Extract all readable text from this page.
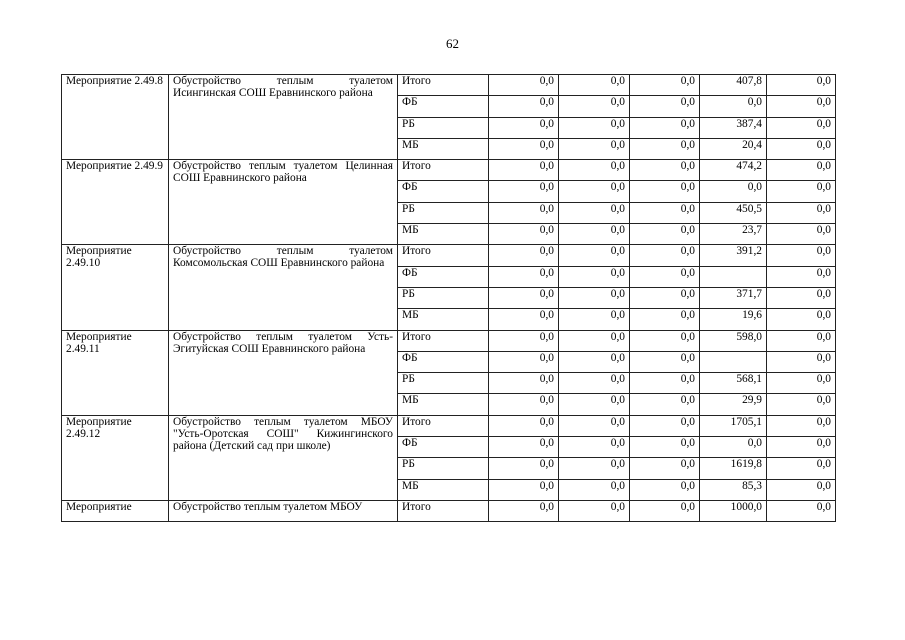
62
Мероприятие 2.49.8	Обустройство теплым туалетом Исингинская СОШ Еравнинского района	Итого	0,0	0,0	0,0	407,8	0,0
		ФБ	0,0	0,0	0,0	0,0	0,0
		РБ	0,0	0,0	0,0	387,4	0,0
		МБ	0,0	0,0	0,0	20,4	0,0
Мероприятие 2.49.9	Обустройство теплым туалетом Целинная СОШ Еравнинского района	Итого	0,0	0,0	0,0	474,2	0,0
		ФБ	0,0	0,0	0,0	0,0	0,0
		РБ	0,0	0,0	0,0	450,5	0,0
		МБ	0,0	0,0	0,0	23,7	0,0
Мероприятие 2.49.10	Обустройство теплым туалетом Комсомольская СОШ Еравнинского района	Итого	0,0	0,0	0,0	391,2	0,0
		ФБ	0,0	0,0	0,0		0,0
		РБ	0,0	0,0	0,0	371,7	0,0
		МБ	0,0	0,0	0,0	19,6	0,0
Мероприятие 2.49.11	Обустройство теплым туалетом Усть-Эгитуйская СОШ Еравнинского района	Итого	0,0	0,0	0,0	598,0	0,0
		ФБ	0,0	0,0	0,0		0,0
		РБ	0,0	0,0	0,0	568,1	0,0
		МБ	0,0	0,0	0,0	29,9	0,0
Мероприятие 2.49.12	Обустройство теплым туалетом МБОУ "Усть-Оротская СОШ" Кижингинского района (Детский сад при школе)	Итого	0,0	0,0	0,0	1705,1	0,0
		ФБ	0,0	0,0	0,0	0,0	0,0
		РБ	0,0	0,0	0,0	1619,8	0,0
		МБ	0,0	0,0	0,0	85,3	0,0
Мероприятие	Обустройство теплым туалетом МБОУ	Итого	0,0	0,0	0,0	1000,0	0,0
